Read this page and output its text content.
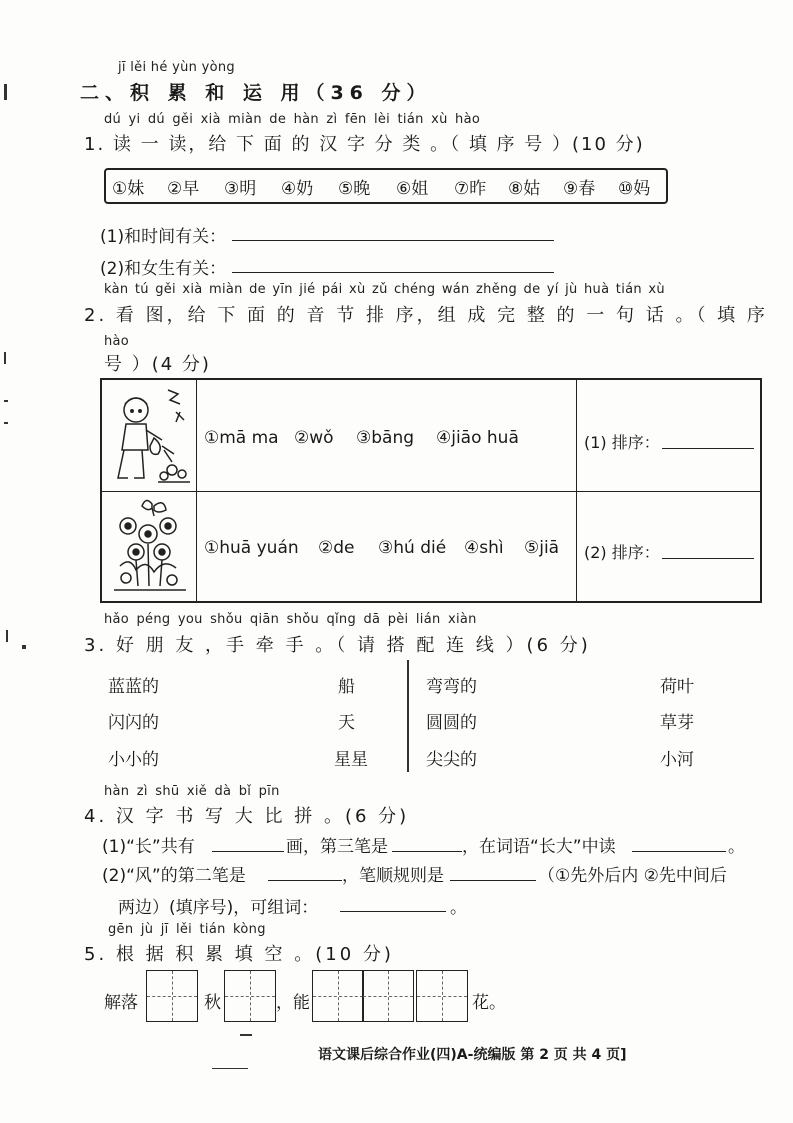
jī lěi hé yùn yòng
二、积 累 和 运 用（36 分）
dú yi dú gěi xià miàn de hàn zì fēn lèi tián xù hào
1. 读 一 读，给 下 面 的 汉 字 分 类 。（ 填 序 号 ）(10 分)
①妹 ②早 ③明 ④奶 ⑤晚 ⑥姐 ⑦昨 ⑧姑 ⑨春 ⑩妈
(1)和时间有关：
(2)和女生有关：
kàn tú gěi xià miàn de yīn jié pái xù zǔ chéng wán zhěng de yí jù huà tián xù
2. 看 图，给 下 面 的 音 节 排 序，组 成 完 整 的 一 句 话 。（ 填 序
hào
号 ）(4 分)
①mā ma ②wǒ ③bāng ④jiāo huā	(1) 排序：
①huā yuán ②de ③hú dié ④shì ⑤jiā (2) 排序：
hǎo péng you shǒu qiān shǒu qǐng dā pèi lián xiàn
3. 好 朋 友 ，手 牵 手 。（ 请 搭 配 连 线 ）(6 分)
蓝蓝的
闪闪的
小小的
船
天
星星
弯弯的
圆圆的
尖尖的
荷叶
草芽
小河
hàn zì shū xiě dà bǐ pīn
4. 汉 字 书 写 大 比 拼 。(6 分)
(1)“长”共有	画，第三笔是	，在词语“长大”中读	。
(2)“风”的第二笔是	，笔顺规则是	（①先外后内 ②先中间后
两边）(填序号)，可组词：	。
gēn jù jī lěi tián kòng
5. 根 据 积 累 填 空 。(10 分)
解落	秋	，能	花。
语文课后综合作业(四)A-统编版 第 2 页 共 4 页]
